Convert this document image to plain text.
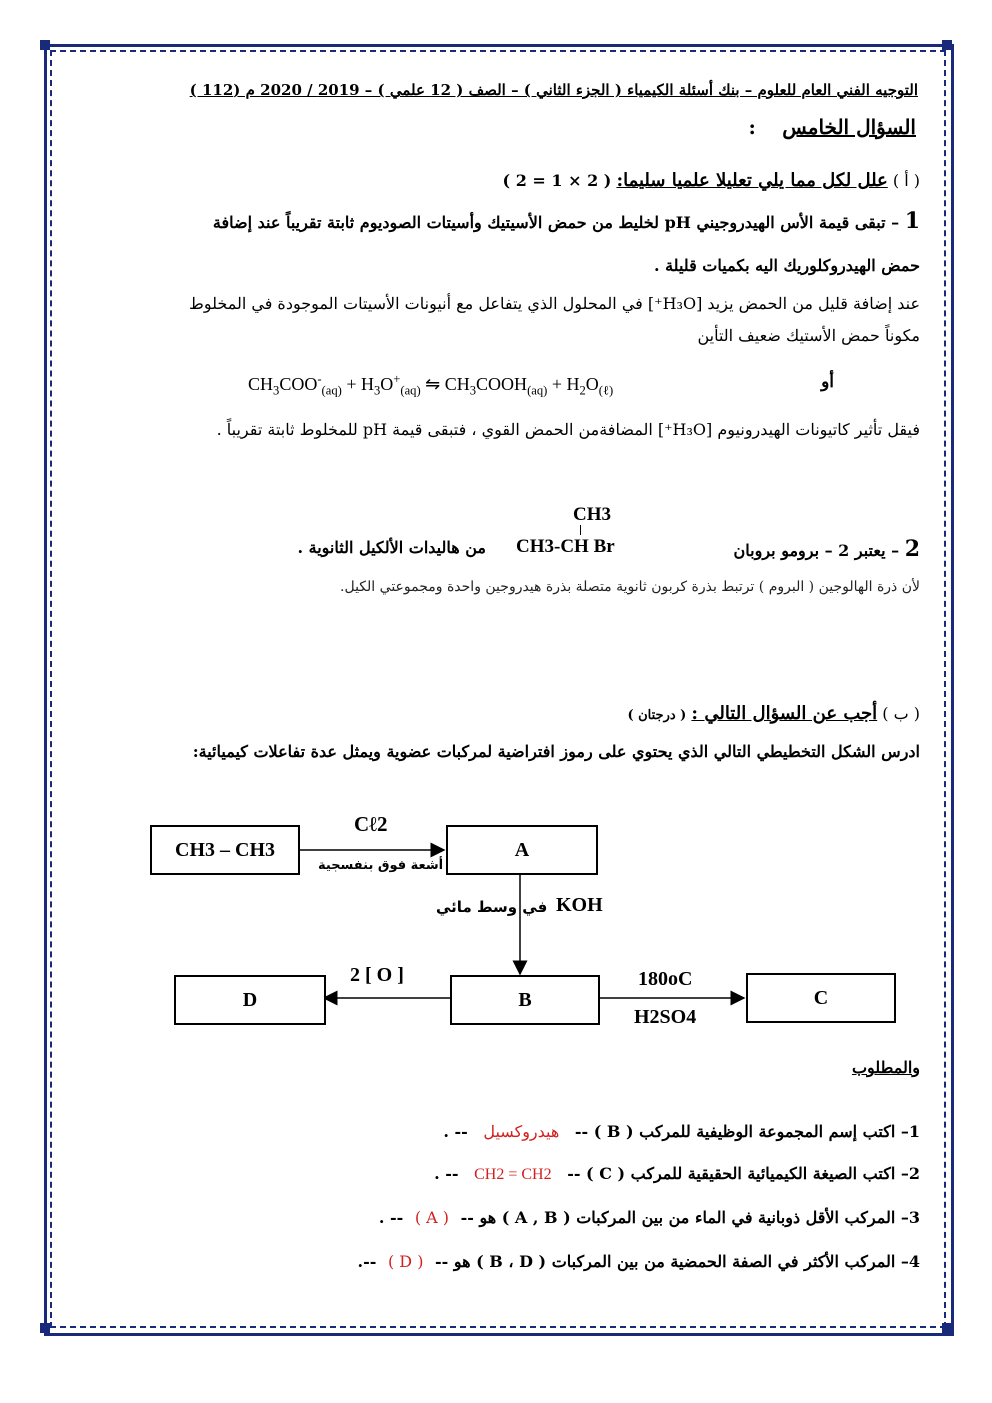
التوجيه الفني العام للعلوم – بنك أسئلة الكيمياء ( الجزء الثاني ) – الصف ( 12 علمي ) – 2019 / 2020 م (112 )
السؤال الخامس :
( أ ) علل لكل مما يلي تعليلا علميا سليما: ( 2 × 1 = 2 )
1 – تبقى قيمة الأس الهيدروجيني pH لخليط من حمض الأسيتيك وأسيتات الصوديوم ثابتة تقريباً عند إضافة
حمض الهيدروكلوريك اليه بكميات قليلة .
عند إضافة قليل من الحمض يزيد [H₃O⁺] في المحلول الذي يتفاعل مع أنيونات الأسيتات الموجودة في المخلوط
مكوناً حمض الأستيك ضعيف التأين
أو
$CH_3COO^-_{(aq)} + H_3O^+_{(aq)}$ ⇋ $CH_3COOH_{(aq)} + H_2O_{(\ell)}$
فيقل تأثير كاتيونات الهيدرونيوم [H₃O⁺] المضافةمن الحمض القوي ، فتبقى قيمة pH للمخلوط ثابتة تقريباً .
CH3
2 – يعتبر 2 – برومو بروبان
CH3-CH Br
من هاليدات الألكيل الثانوية .
لأن ذرة الهالوجين ( البروم ) ترتبط بذرة كربون ثانوية متصلة بذرة هيدروجين واحدة ومجموعتي الكيل.
( ب ) أجب عن السؤال التالي : ( درجتان )
ادرس الشكل التخطيطي التالي الذي يحتوي على رموز افتراضية لمركبات عضوية ويمثل عدة تفاعلات كيميائية:
CH3 – CH3	A
B
D	C
Cℓ2
أشعة فوق بنفسجية
KOH
في وسط مائي
2 [ O ]	180oC
H2SO4
والمطلوب
1– اكتب إسم المجموعة الوظيفية للمركب ( B ) -- هيدروكسيل -- .
2– اكتب الصيغة الكيميائية الحقيقية للمركب ( C ) -- CH2 = CH2 -- .
3– المركب الأقل ذوبانية في الماء من بين المركبات ( A , B ) هو -- ( A ) -- .
4– المركب الأكثر في الصفة الحمضية من بين المركبات ( B ، D ) هو -- ( D ) --.
